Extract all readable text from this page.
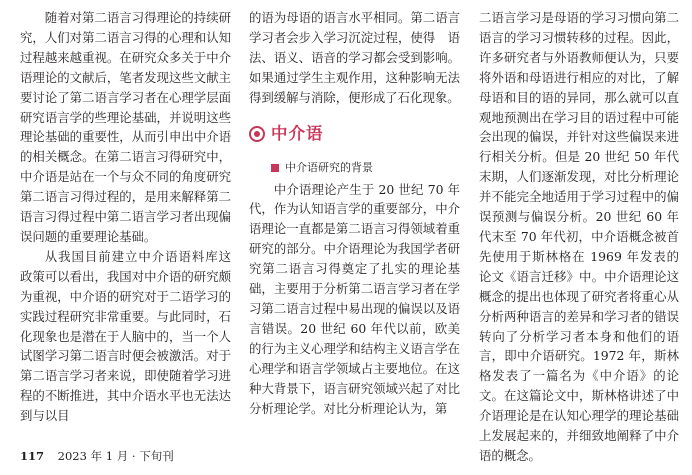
随着对第二语言习得理论的持续研究，人们对第二语言习得的心理和认知过程越来越重视。在研究众多关于中介语理论的文献后，笔者发现这些文献主要讨论了第二语言学习者在心理学层面研究语言学的些理论基础，并说明这些理论基础的重要性，从而引申出中介语的相关概念。在第二语言习得研究中，中介语是站在一个与众不同的角度研究第二语言习得过程的，是用来解释第二语言习得过程中第二语言学习者出现偏误问题的重要理论基础。

从我国目前建立中介语语料库这　政策可以看出，我国对中介语的研究颇为重视，中介语的研究对于二语学习的实践过程研究非常重要。与此同时，石化现象也是潜在于人脑中的，当一个人试图学习第二语言时便会被激活。对于第二语言学习者来说，即使随着学习进程的不断推进，其中介语水平也无法达到与以目

的语为母语的语言水平相同。第二语言学习者会步入学习沉淀过程，使得　语法、语义、语音的学习都会受到影响。如果通过学生主观作用，这种影响无法得到缓解与消除，便形成了石化现象。

中介语
中介语研究的背景

中介语理论产生于 20 世纪 70 年代，作为认知语言学的重要部分，中介语理论一直都是第二语言习得领域着重研究的部分。中介语理论为我国学者研究第二语言习得奠定了扎实的理论基础，主要用于分析第二语言学习者在学习第二语言过程中易出现的偏误以及语言错误。20 世纪 60 年代以前，欧美的行为主义心理学和结构主义语言学在心理学和语言学领域占主要地位。在这种大背景下，语言研究领域兴起了对比分析理论学。对比分析理论认为，第

二语言学习是母语的学习习惯向第二语言的学习习惯转移的过程。因此，许多研究者与外语教师便认为，只要将外语和母语进行相应的对比，了解母语和目的语的异同，那么就可以直观地预测出在学习目的语过程中可能会出现的偏误，并针对这些偏误来进行相关分析。但是 20 世纪 50 年代末期，人们逐渐发现，对比分析理论并不能完全地适用于学习过程中的偏误预测与偏误分析。20 世纪 60 年代末至 70 年代初，中介语概念被首先使用于斯林格在 1969 年发表的论文《语言迁移》中。中介语理论这　概念的提出也体现了研究者将重心从分析两种语言的差异和学习者的错误转向了分析学习者本身和他们的语言，即中介语研究。1972 年，斯林格发表了一篇名为《中介语》的论文。在这篇论文中，斯林格讲述了中介语理论是在认知心理学的理论基础上发展起来的，并细致地阐释了中介语的概念。

117 2023 年 1 月 · 下旬刊
